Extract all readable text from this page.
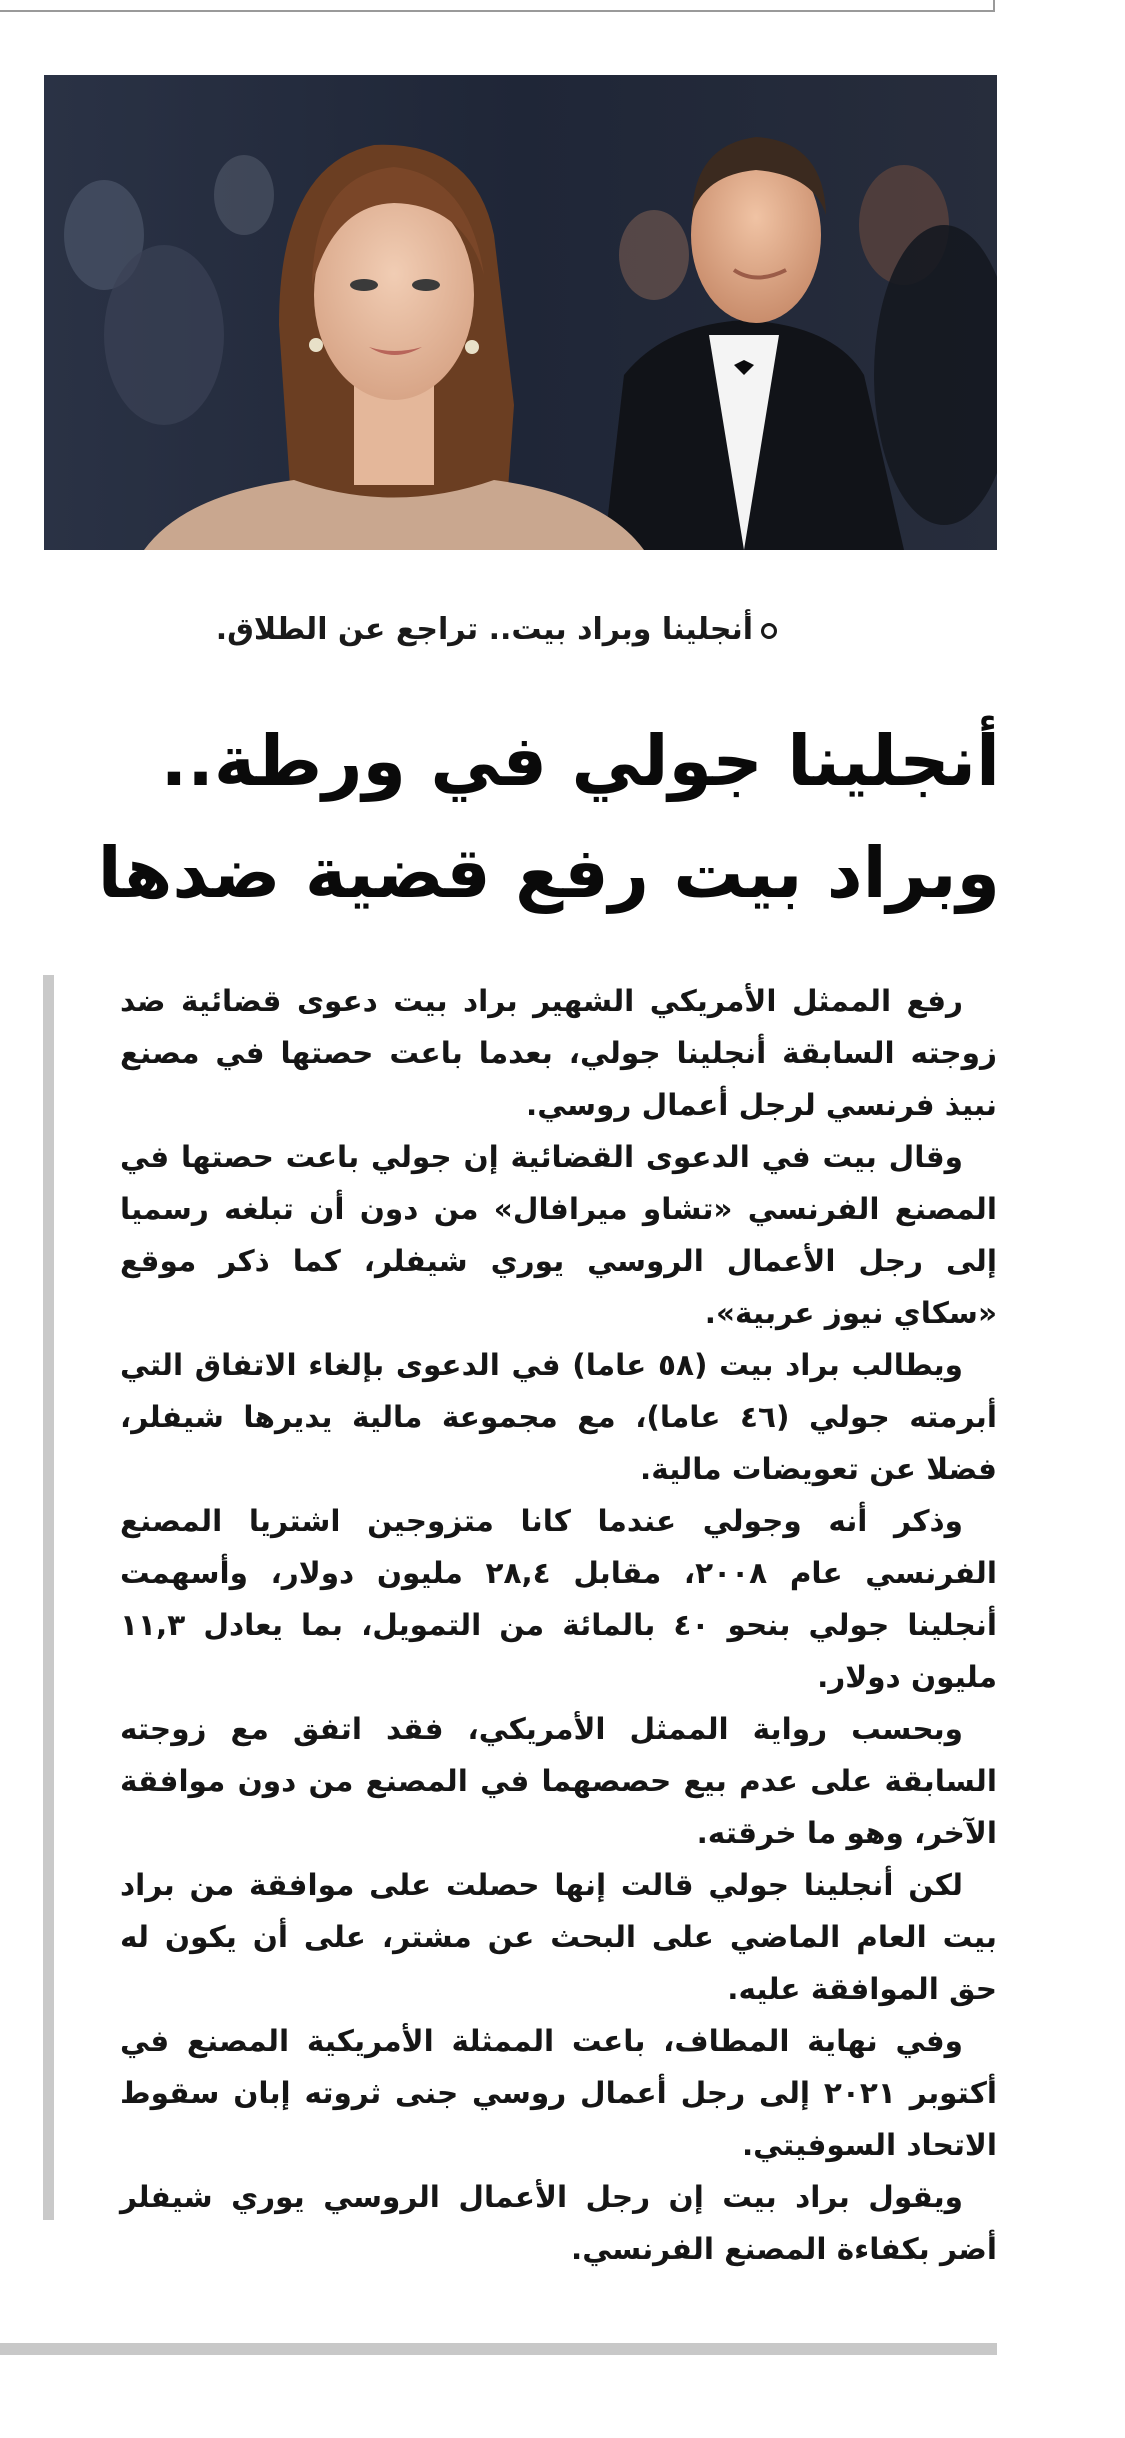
أنجلينا وبراد بيت.. تراجع عن الطلاق.
أنجلينا جولي في ورطة..
وبراد بيت رفع قضية ضدها

رفع الممثل الأمريكي الشهير براد بيت دعوى قضائية ضد زوجته السابقة أنجلينا جولي، بعدما باعت حصتها في مصنع نبيذ فرنسي لرجل أعمال روسي.

وقال بيت في الدعوى القضائية إن جولي باعت حصتها في المصنع الفرنسي «تشاو ميرافال» من دون أن تبلغه رسميا إلى رجل الأعمال الروسي يوري شيفلر، كما ذكر موقع «سكاي نيوز عربية».

ويطالب براد بيت (٥٨ عاما) في الدعوى بإلغاء الاتفاق التي أبرمته جولي (٤٦ عاما)، مع مجموعة مالية يديرها شيفلر، فضلا عن تعويضات مالية.

وذكر أنه وجولي عندما كانا متزوجين اشتريا المصنع الفرنسي عام ٢٠٠٨، مقابل ٢٨,٤ مليون دولار، وأسهمت أنجلينا جولي بنحو ٤٠ بالمائة من التمويل، بما يعادل ١١,٣ مليون دولار.

وبحسب رواية الممثل الأمريكي، فقد اتفق مع زوجته السابقة على عدم بيع حصصهما في المصنع من دون موافقة الآخر، وهو ما خرقته.

لكن أنجلينا جولي قالت إنها حصلت على موافقة من براد بيت العام الماضي على البحث عن مشتر، على أن يكون له حق الموافقة عليه.

وفي نهاية المطاف، باعت الممثلة الأمريكية المصنع في أكتوبر ٢٠٢١ إلى رجل أعمال روسي جنى ثروته إبان سقوط الاتحاد السوفيتي.

ويقول براد بيت إن رجل الأعمال الروسي يوري شيفلر أضر بكفاءة المصنع الفرنسي.
